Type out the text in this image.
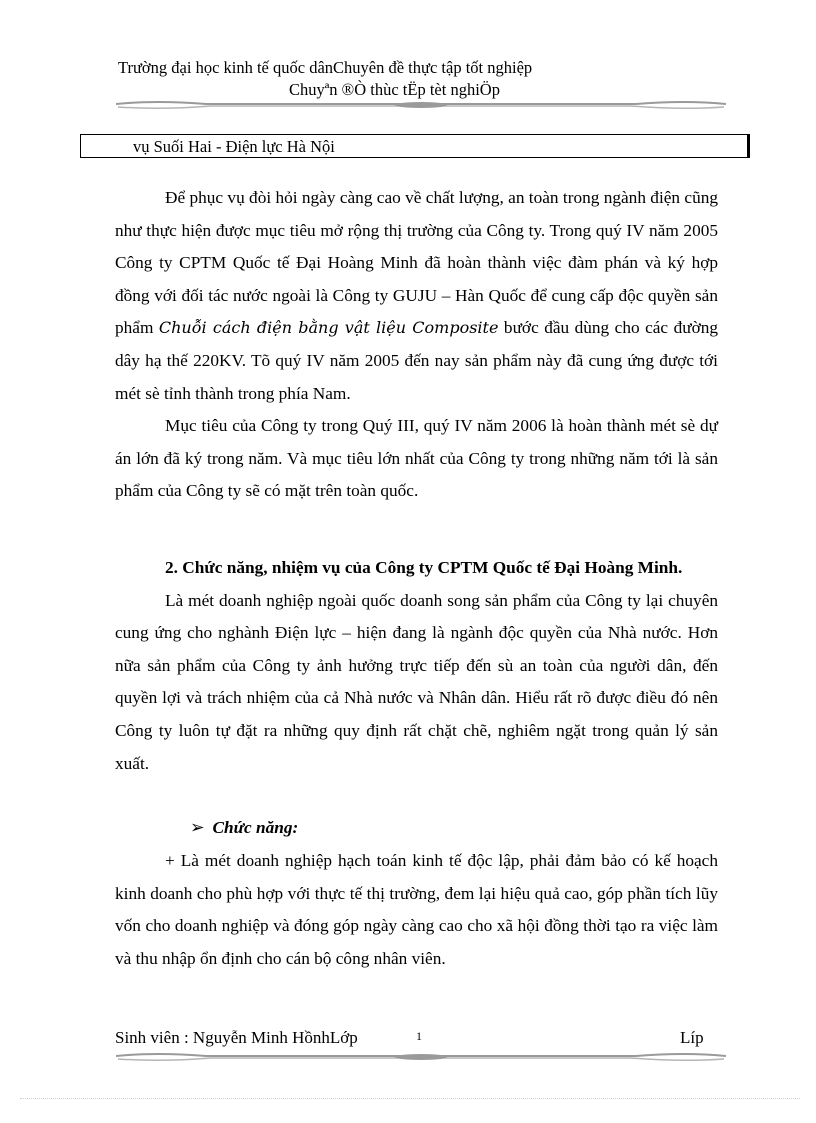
Trường đại học kinh tế quốc dânChuyên đề thực tập tốt nghiệp
Chuyªn ®Ò thùc tËp tèt nghiÖp
vụ Suối Hai - Điện lực Hà Nội

Để phục vụ đòi hỏi ngày càng cao về chất lượng, an toàn trong ngành điện cũng như thực hiện được mục tiêu mở rộng thị trường của Công ty. Trong quý IV năm 2005 Công ty CPTM Quốc tế Đại Hoàng Minh đã hoàn thành việc đàm phán và ký hợp đồng với đối tác nước ngoài là Công ty GUJU – Hàn Quốc để cung cấp độc quyền sản phẩm Chuỗi cách điện bằng vật liệu Composite bước đầu dùng cho các đường dây hạ thế 220KV. Tõ quý IV năm 2005 đến nay sản phẩm này đã cung ứng được tới mét sè tỉnh thành trong phía Nam.

Mục tiêu của Công ty trong Quý III, quý IV năm 2006 là hoàn thành mét sè dự án lớn đã ký trong năm. Và mục tiêu lớn nhất của Công ty trong những năm tới là sản phẩm của Công ty sẽ có mặt trên toàn quốc.

2. Chức năng, nhiệm vụ của Công ty CPTM Quốc tế Đại Hoàng Minh.

Là mét doanh nghiệp ngoài quốc doanh song sản phẩm của Công ty lại chuyên cung ứng cho nghành Điện lực – hiện đang là ngành độc quyền của Nhà nước. Hơn nữa sản phẩm của Công ty ảnh hưởng trực tiếp đến sù an toàn của người dân, đến quyền lợi và trách nhiệm của cả Nhà nước và Nhân dân. Hiểu rất rõ được điều đó nên Công ty luôn tự đặt ra những quy định rất chặt chẽ, nghiêm ngặt trong quản lý sản xuất.

➢ Chức năng:

+ Là mét doanh nghiệp hạch toán kinh tế độc lập, phải đảm bảo có kế hoạch kinh doanh cho phù hợp với thực tế thị trường, đem lại hiệu quả cao, góp phần tích lũy vốn cho doanh nghiệp và đóng góp ngày càng cao cho xã hội đồng thời tạo ra việc làm và thu nhập ổn định cho cán bộ công nhân viên.

Sinh viên : Nguyễn Minh HồnhLớp	1	Líp
